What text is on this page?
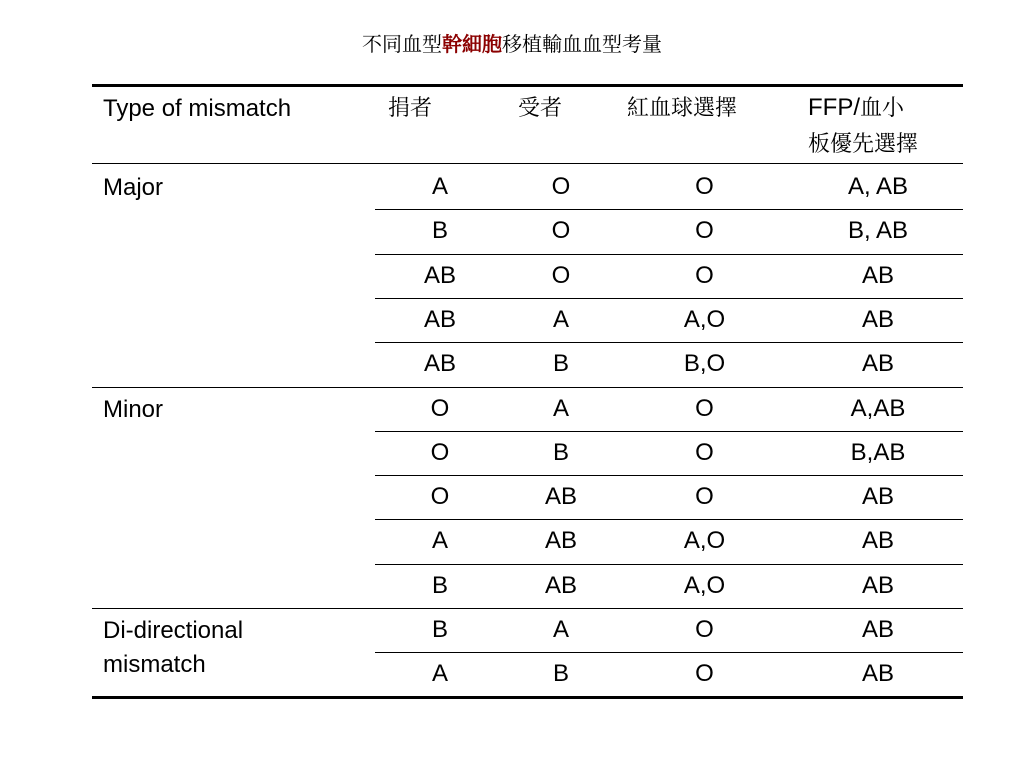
不同血型幹細胞移植輸血血型考量
Type of mismatch	捐者	受者	紅血球選擇	FFP/血小
板優先選擇
Major	A	O	O	A, AB
B	O	O	B, AB
AB	O	O	AB
AB	A	A,O	AB
AB	B	B,O	AB
Minor	O	A	O	A,AB
O	B	O	B,AB
O	AB	O	AB
A	AB	A,O	AB
B	AB	A,O	AB
Di-directional
mismatch
B	A	O	AB
A	B	O	AB
